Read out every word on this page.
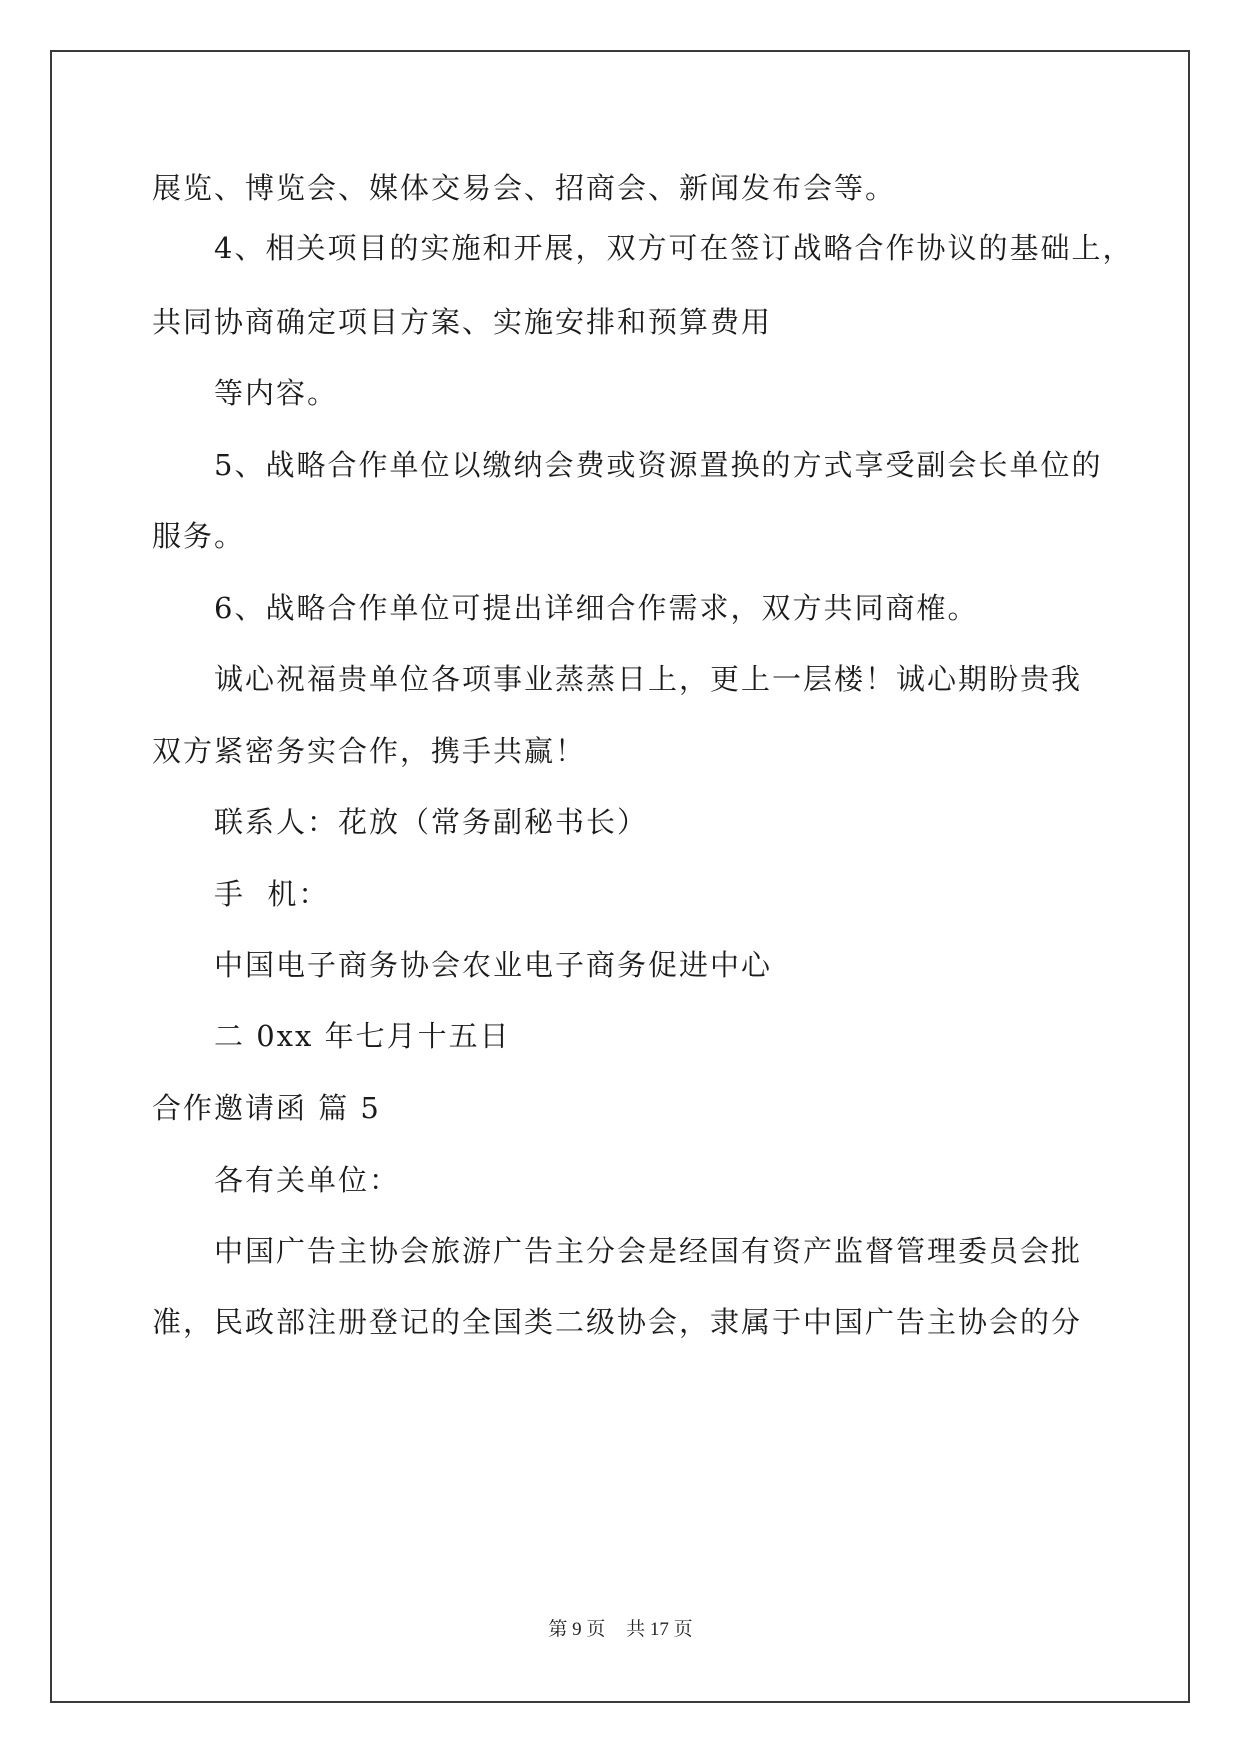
展览、博览会、媒体交易会、招商会、新闻发布会等。
4、相关项目的实施和开展，双方可在签订战略合作协议的基础上，
共同协商确定项目方案、实施安排和预算费用
等内容。
5、战略合作单位以缴纳会费或资源置换的方式享受副会长单位的
服务。
6、战略合作单位可提出详细合作需求，双方共同商榷。
诚心祝福贵单位各项事业蒸蒸日上，更上一层楼！诚心期盼贵我
双方紧密务实合作，携手共赢！
联系人：花放（常务副秘书长）
手  机：
中国电子商务协会农业电子商务促进中心
二 0xx 年七月十五日
合作邀请函 篇 5
各有关单位：
中国广告主协会旅游广告主分会是经国有资产监督管理委员会批
准，民政部注册登记的全国类二级协会，隶属于中国广告主协会的分
第 9 页 共 17 页
